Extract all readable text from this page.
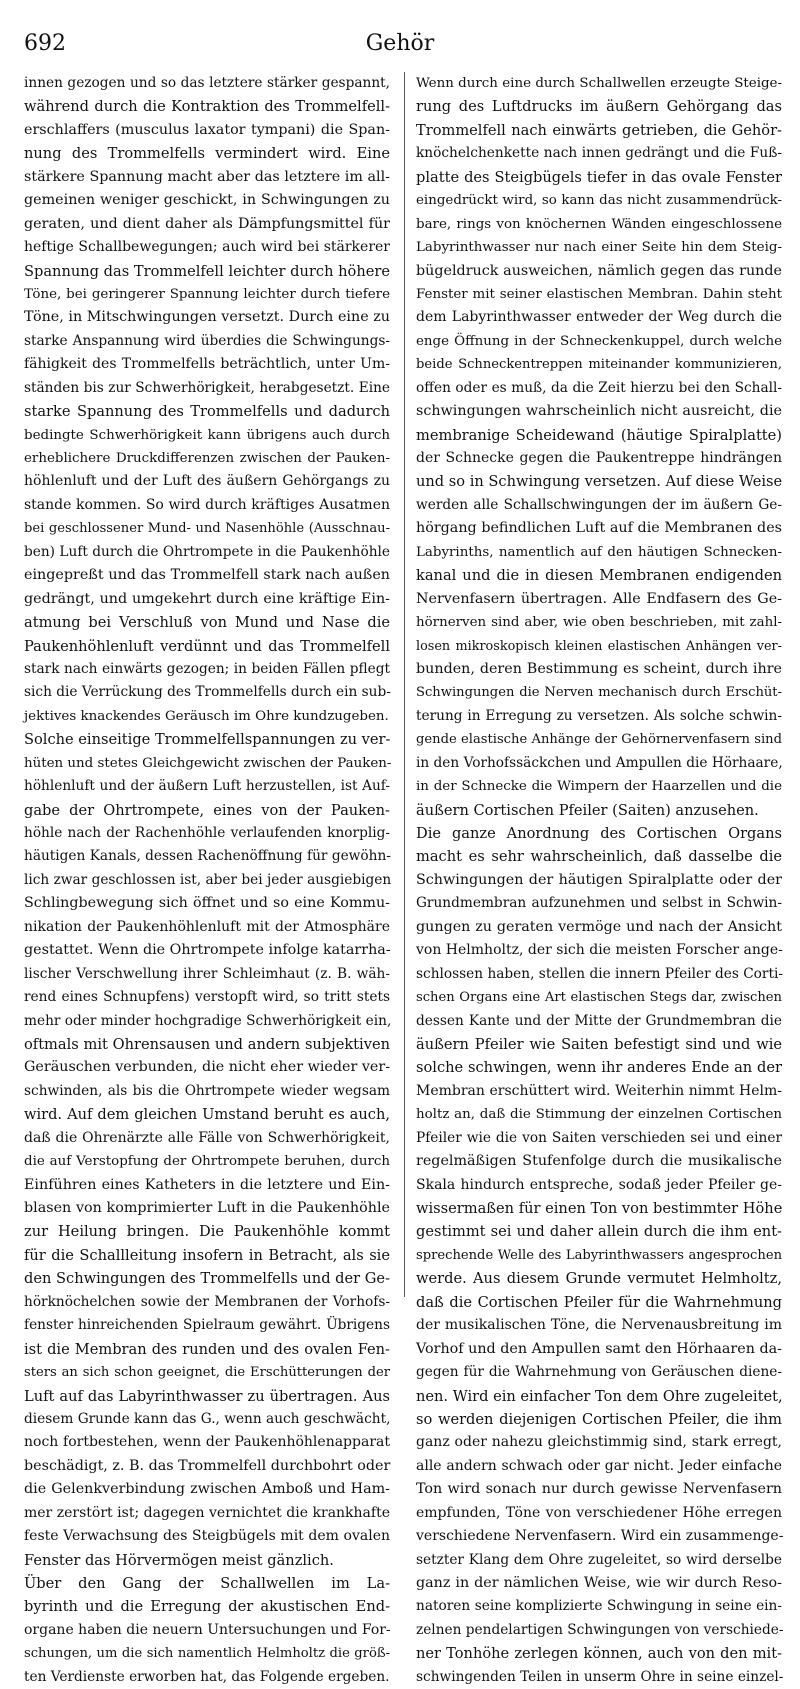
692	Gehör
innen gezogen und so das letztere stärker gespannt,
während durch die Kontraktion des Trommelfell-
erschlaffers (musculus laxator tympani) die Span-
nung des Trommelfells vermindert wird. Eine
stärkere Spannung macht aber das letztere im all-
gemeinen weniger geschickt, in Schwingungen zu
geraten, und dient daher als Dämpfungsmittel für
heftige Schallbewegungen; auch wird bei stärkerer
Spannung das Trommelfell leichter durch höhere
Töne, bei geringerer Spannung leichter durch tiefere
Töne, in Mitschwingungen versetzt. Durch eine zu
starke Anspannung wird überdies die Schwingungs-
fähigkeit des Trommelfells beträchtlich, unter Um-
ständen bis zur Schwerhörigkeit, herabgesetzt. Eine
starke Spannung des Trommelfells und dadurch
bedingte Schwerhörigkeit kann übrigens auch durch
erheblichere Druckdifferenzen zwischen der Pauken-
höhlenluft und der Luft des äußern Gehörgangs zu
stande kommen. So wird durch kräftiges Ausatmen
bei geschlossener Mund- und Nasenhöhle (Ausschnau-
ben) Luft durch die Ohrtrompete in die Paukenhöhle
eingepreßt und das Trommelfell stark nach außen
gedrängt, und umgekehrt durch eine kräftige Ein-
atmung bei Verschluß von Mund und Nase die
Paukenhöhlenluft verdünnt und das Trommelfell
stark nach einwärts gezogen; in beiden Fällen pflegt
sich die Verrückung des Trommelfells durch ein sub-
jektives knackendes Geräusch im Ohre kundzugeben.
Solche einseitige Trommelfellspannungen zu ver-
hüten und stetes Gleichgewicht zwischen der Pauken-
höhlenluft und der äußern Luft herzustellen, ist Auf-
gabe der Ohrtrompete, eines von der Pauken-
höhle nach der Rachenhöhle verlaufenden knorplig-
häutigen Kanals, dessen Rachenöffnung für gewöhn-
lich zwar geschlossen ist, aber bei jeder ausgiebigen
Schlingbewegung sich öffnet und so eine Kommu-
nikation der Paukenhöhlenluft mit der Atmosphäre
gestattet. Wenn die Ohrtrompete infolge katarrha-
lischer Verschwellung ihrer Schleimhaut (z. B. wäh-
rend eines Schnupfens) verstopft wird, so tritt stets
mehr oder minder hochgradige Schwerhörigkeit ein,
oftmals mit Ohrensausen und andern subjektiven
Geräuschen verbunden, die nicht eher wieder ver-
schwinden, als bis die Ohrtrompete wieder wegsam
wird. Auf dem gleichen Umstand beruht es auch,
daß die Ohrenärzte alle Fälle von Schwerhörigkeit,
die auf Verstopfung der Ohrtrompete beruhen, durch
Einführen eines Katheters in die letztere und Ein-
blasen von komprimierter Luft in die Paukenhöhle
zur Heilung bringen. Die Paukenhöhle kommt
für die Schallleitung insofern in Betracht, als sie
den Schwingungen des Trommelfells und der Ge-
hörknöchelchen sowie der Membranen der Vorhofs-
fenster hinreichenden Spielraum gewährt. Übrigens
ist die Membran des runden und des ovalen Fen-
sters an sich schon geeignet, die Erschütterungen der
Luft auf das Labyrinthwasser zu übertragen. Aus
diesem Grunde kann das G., wenn auch geschwächt,
noch fortbestehen, wenn der Paukenhöhlenapparat
beschädigt, z. B. das Trommelfell durchbohrt oder
die Gelenkverbindung zwischen Amboß und Ham-
mer zerstört ist; dagegen vernichtet die krankhafte
feste Verwachsung des Steigbügels mit dem ovalen
Fenster das Hörvermögen meist gänzlich.
Über den Gang der Schallwellen im La-
byrinth und die Erregung der akustischen End-
organe haben die neuern Untersuchungen und For-
schungen, um die sich namentlich Helmholtz die größ-
ten Verdienste erworben hat, das Folgende ergeben.
Wenn durch eine durch Schallwellen erzeugte Steige-
rung des Luftdrucks im äußern Gehörgang das
Trommelfell nach einwärts getrieben, die Gehör-
knöchelchenkette nach innen gedrängt und die Fuß-
platte des Steigbügels tiefer in das ovale Fenster
eingedrückt wird, so kann das nicht zusammendrück-
bare, rings von knöchernen Wänden eingeschlossene
Labyrinthwasser nur nach einer Seite hin dem Steig-
bügeldruck ausweichen, nämlich gegen das runde
Fenster mit seiner elastischen Membran. Dahin steht
dem Labyrinthwasser entweder der Weg durch die
enge Öffnung in der Schneckenkuppel, durch welche
beide Schneckentreppen miteinander kommunizieren,
offen oder es muß, da die Zeit hierzu bei den Schall-
schwingungen wahrscheinlich nicht ausreicht, die
membranige Scheidewand (häutige Spiralplatte)
der Schnecke gegen die Paukentreppe hindrängen
und so in Schwingung versetzen. Auf diese Weise
werden alle Schallschwingungen der im äußern Ge-
hörgang befindlichen Luft auf die Membranen des
Labyrinths, namentlich auf den häutigen Schnecken-
kanal und die in diesen Membranen endigenden
Nervenfasern übertragen. Alle Endfasern des Ge-
hörnerven sind aber, wie oben beschrieben, mit zahl-
losen mikroskopisch kleinen elastischen Anhängen ver-
bunden, deren Bestimmung es scheint, durch ihre
Schwingungen die Nerven mechanisch durch Erschüt-
terung in Erregung zu versetzen. Als solche schwin-
gende elastische Anhänge der Gehörnervenfasern sind
in den Vorhofssäckchen und Ampullen die Hörhaare,
in der Schnecke die Wimpern der Haarzellen und die
äußern Cortischen Pfeiler (Saiten) anzusehen.
Die ganze Anordnung des Cortischen Organs
macht es sehr wahrscheinlich, daß dasselbe die
Schwingungen der häutigen Spiralplatte oder der
Grundmembran aufzunehmen und selbst in Schwin-
gungen zu geraten vermöge und nach der Ansicht
von Helmholtz, der sich die meisten Forscher ange-
schlossen haben, stellen die innern Pfeiler des Corti-
schen Organs eine Art elastischen Stegs dar, zwischen
dessen Kante und der Mitte der Grundmembran die
äußern Pfeiler wie Saiten befestigt sind und wie
solche schwingen, wenn ihr anderes Ende an der
Membran erschüttert wird. Weiterhin nimmt Helm-
holtz an, daß die Stimmung der einzelnen Cortischen
Pfeiler wie die von Saiten verschieden sei und einer
regelmäßigen Stufenfolge durch die musikalische
Skala hindurch entspreche, sodaß jeder Pfeiler ge-
wissermaßen für einen Ton von bestimmter Höhe
gestimmt sei und daher allein durch die ihm ent-
sprechende Welle des Labyrinthwassers angesprochen
werde. Aus diesem Grunde vermutet Helmholtz,
daß die Cortischen Pfeiler für die Wahrnehmung
der musikalischen Töne, die Nervenausbreitung im
Vorhof und den Ampullen samt den Hörhaaren da-
gegen für die Wahrnehmung von Geräuschen diene-
nen. Wird ein einfacher Ton dem Ohre zugeleitet,
so werden diejenigen Cortischen Pfeiler, die ihm
ganz oder nahezu gleichstimmig sind, stark erregt,
alle andern schwach oder gar nicht. Jeder einfache
Ton wird sonach nur durch gewisse Nervenfasern
empfunden, Töne von verschiedener Höhe erregen
verschiedene Nervenfasern. Wird ein zusammenge-
setzter Klang dem Ohre zugeleitet, so wird derselbe
ganz in der nämlichen Weise, wie wir durch Reso-
natoren seine komplizierte Schwingung in seine ein-
zelnen pendelartigen Schwingungen von verschiede-
ner Tonhöhe zerlegen können, auch von den mit-
schwingenden Teilen in unserm Ohre in seine einzel-
